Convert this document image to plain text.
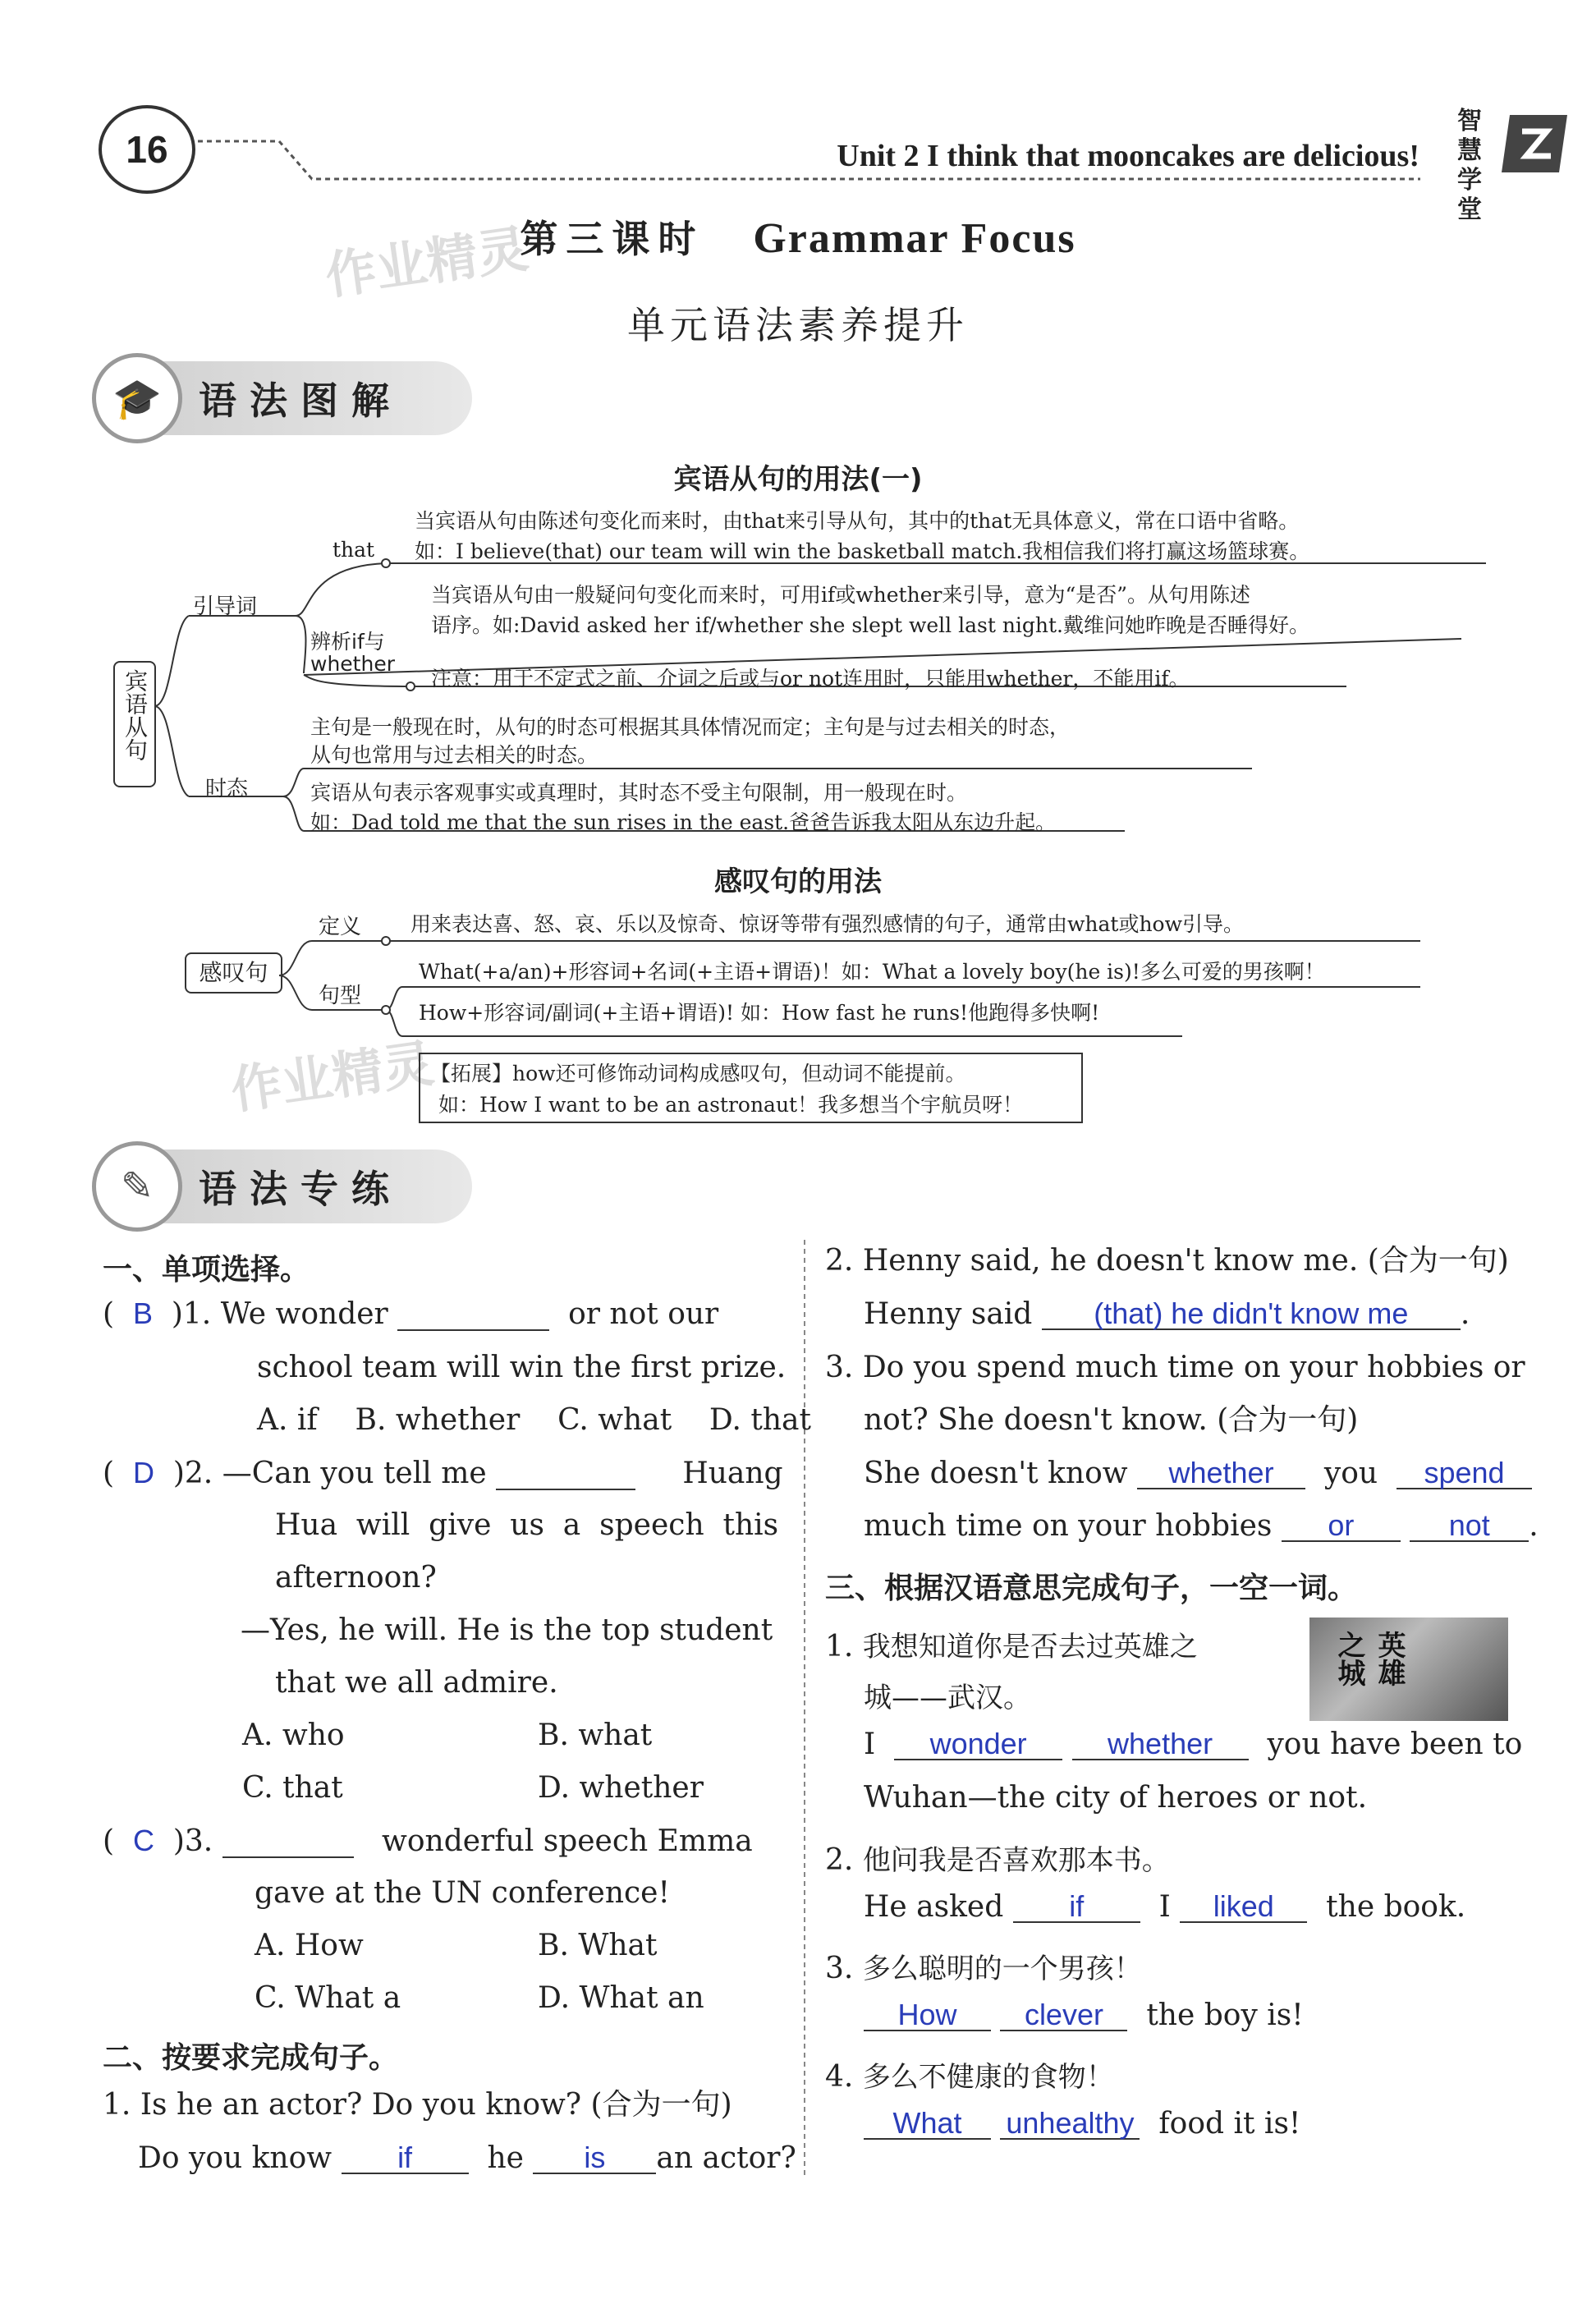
16	Unit 2 I think that mooncakes are delicious!
智慧
学堂
作业精灵
第三课时 Grammar Focus
单元语法素养提升
🎓 语法图解
宾语从句的用法(一)
宾语从句
引导词
时态
that
当宾语从句由陈述句变化而来时，由that来引导从句，其中的that无具体意义，常在口语中省略。
如：I believe(that) our team will win the basketball match.我相信我们将打赢这场篮球赛。
辨析if与
whether
当宾语从句由一般疑问句变化而来时，可用if或whether来引导，意为“是否”。从句用陈述
语序。如:David asked her if/whether she slept well last night.戴维问她昨晚是否睡得好。
注意：用于不定式之前、介词之后或与or not连用时，只能用whether，不能用if。
主句是一般现在时，从句的时态可根据其具体情况而定；主句是与过去相关的时态，
从句也常用与过去相关的时态。
宾语从句表示客观事实或真理时，其时态不受主句限制，用一般现在时。
如：Dad told me that the sun rises in the east.爸爸告诉我太阳从东边升起。
感叹句的用法
感叹句
定义 用来表达喜、怒、哀、乐以及惊奇、惊讶等带有强烈感情的句子，通常由what或how引导。
句型
What(+a/an)+形容词+名词(+主语+谓语)！如：What a lovely boy(he is)!多么可爱的男孩啊！
How+形容词/副词(+主语+谓语)! 如：How fast he runs!他跑得多快啊!
作业精灵
【拓展】how还可修饰动词构成感叹句，但动词不能提前。
如：How I want to be an astronaut！我多想当个宇航员呀！
✎	语法专练
一、单项选择。
(  B  )1. We wonder	or not our
school team will win the first prize.
A. if    B. whether    C. what    D. that
(  D  )2. —Can you tell me	Huang
Hua  will  give  us  a  speech  this
afternoon?
—Yes, he will. He is the top student
that we all admire.
A. who	B. what
C. that	D. whether
(  C  )3.	wonderful speech Emma
gave at the UN conference!
A. How	B. What
C. What a	D. What an
二、按要求完成句子。
1. Is he an actor? Do you know? (合为一句)
Do you know if	he is an actor?
2. Henny said, he doesn't know me. (合为一句)
Henny said (that) he didn't know me .
3. Do you spend much time on your hobbies or
not? She doesn't know. (合为一句)
She doesn't know whether you spend
much time on your hobbies or	not .
三、根据汉语意思完成句子，一空一词。
1. 我想知道你是否去过英雄之
城——武汉。
英雄之城
I wonder	whether you have been to
Wuhan—the city of heroes or not.
2. 他问我是否喜欢那本书。
He asked if	I liked the book.
3. 多么聪明的一个男孩！
How clever the boy is!
4. 多么不健康的食物！
What unhealthy food it is!
